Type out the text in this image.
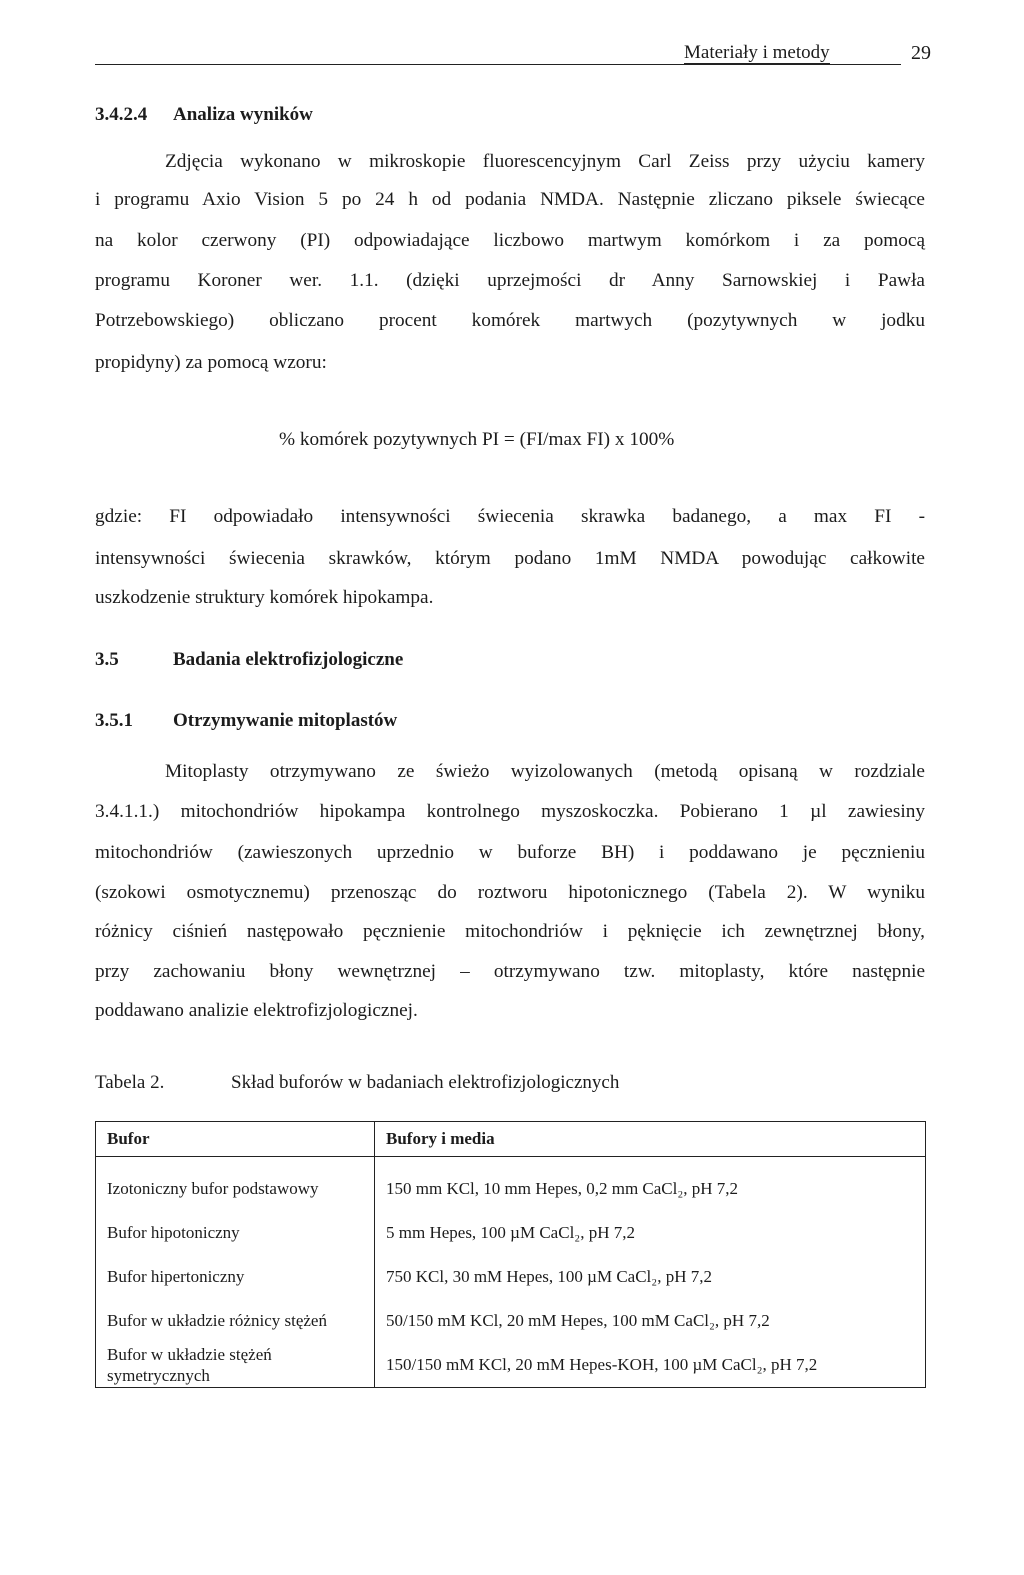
Materiały i metody	29
3.4.2.4 Analiza wyników
Zdjęcia wykonano w mikroskopie fluorescencyjnym Carl Zeiss przy użyciu kamery
i programu Axio Vision 5 po 24 h od podania NMDA. Następnie zliczano piksele świecące
na kolor czerwony (PI) odpowiadające liczbowo martwym komórkom i za pomocą
programu Koroner wer. 1.1. (dzięki uprzejmości dr Anny Sarnowskiej i Pawła
Potrzebowskiego) obliczano procent komórek martwych (pozytywnych w jodku
propidyny) za pomocą wzoru:
% komórek pozytywnych PI = (FI/max FI) x 100%
gdzie: FI odpowiadało intensywności świecenia skrawka badanego, a max FI -
intensywności świecenia skrawków, którym podano 1mM NMDA powodując całkowite
uszkodzenie struktury komórek hipokampa.
3.5	Badania elektrofizjologiczne
3.5.1 Otrzymywanie mitoplastów
Mitoplasty otrzymywano ze świeżo wyizolowanych (metodą opisaną w rozdziale
3.4.1.1.) mitochondriów hipokampa kontrolnego myszoskoczka. Pobierano 1 µl zawiesiny
mitochondriów (zawieszonych uprzednio w buforze BH) i poddawano je pęcznieniu
(szokowi osmotycznemu) przenosząc do roztworu hipotonicznego (Tabela 2). W wyniku
różnicy ciśnień następowało pęcznienie mitochondriów i pęknięcie ich zewnętrznej błony,
przy zachowaniu błony wewnętrznej – otrzymywano tzw. mitoplasty, które następnie
poddawano analizie elektrofizjologicznej.
Tabela 2.	Skład buforów w badaniach elektrofizjologicznych
Bufor	Bufory i media
Izotoniczny bufor podstawowy	150 mm KCl, 10 mm Hepes, 0,2 mm CaCl₂, pH 7,2
Bufor hipotoniczny	5 mm Hepes, 100 µM CaCl₂, pH 7,2
Bufor hipertoniczny	750 KCl, 30 mM Hepes, 100 µM CaCl₂, pH 7,2
Bufor w układzie różnicy stężeń	50/150 mM KCl, 20 mM Hepes, 100 mM CaCl₂, pH 7,2
Bufor w układzie stężeń symetrycznych	150/150 mM KCl, 20 mM Hepes-KOH, 100 µM CaCl₂, pH 7,2
